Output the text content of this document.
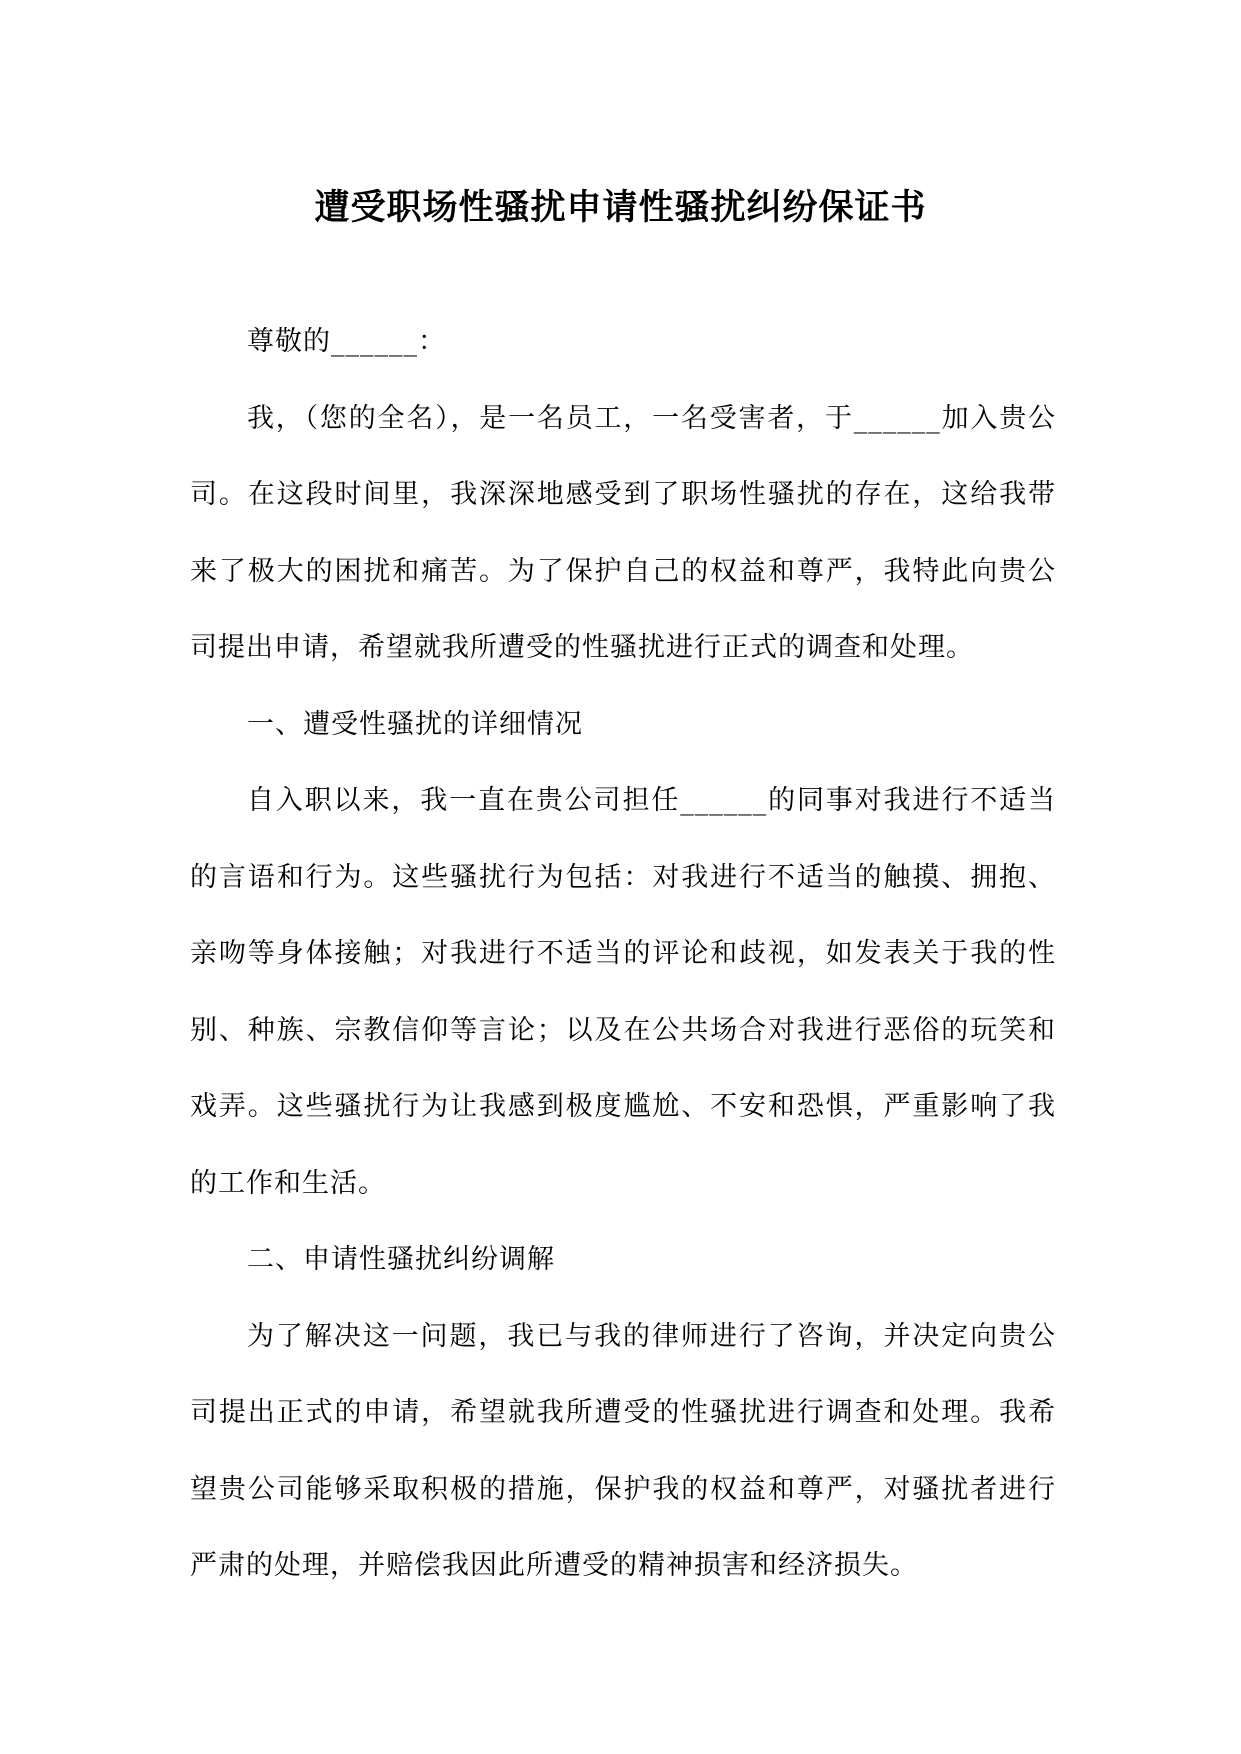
遭受职场性骚扰申请性骚扰纠纷保证书

尊敬的______：

我，（您的全名），是一名员工，一名受害者，于______加入贵公司。在这段时间里，我深深地感受到了职场性骚扰的存在，这给我带来了极大的困扰和痛苦。为了保护自己的权益和尊严，我特此向贵公司提出申请，希望就我所遭受的性骚扰进行正式的调查和处理。

一、遭受性骚扰的详细情况

自入职以来，我一直在贵公司担任______的同事对我进行不适当的言语和行为。这些骚扰行为包括：对我进行不适当的触摸、拥抱、亲吻等身体接触；对我进行不适当的评论和歧视，如发表关于我的性别、种族、宗教信仰等言论；以及在公共场合对我进行恶俗的玩笑和戏弄。这些骚扰行为让我感到极度尴尬、不安和恐惧，严重影响了我的工作和生活。

二、申请性骚扰纠纷调解

为了解决这一问题，我已与我的律师进行了咨询，并决定向贵公司提出正式的申请，希望就我所遭受的性骚扰进行调查和处理。我希望贵公司能够采取积极的措施，保护我的权益和尊严，对骚扰者进行严肃的处理，并赔偿我因此所遭受的精神损害和经济损失。
